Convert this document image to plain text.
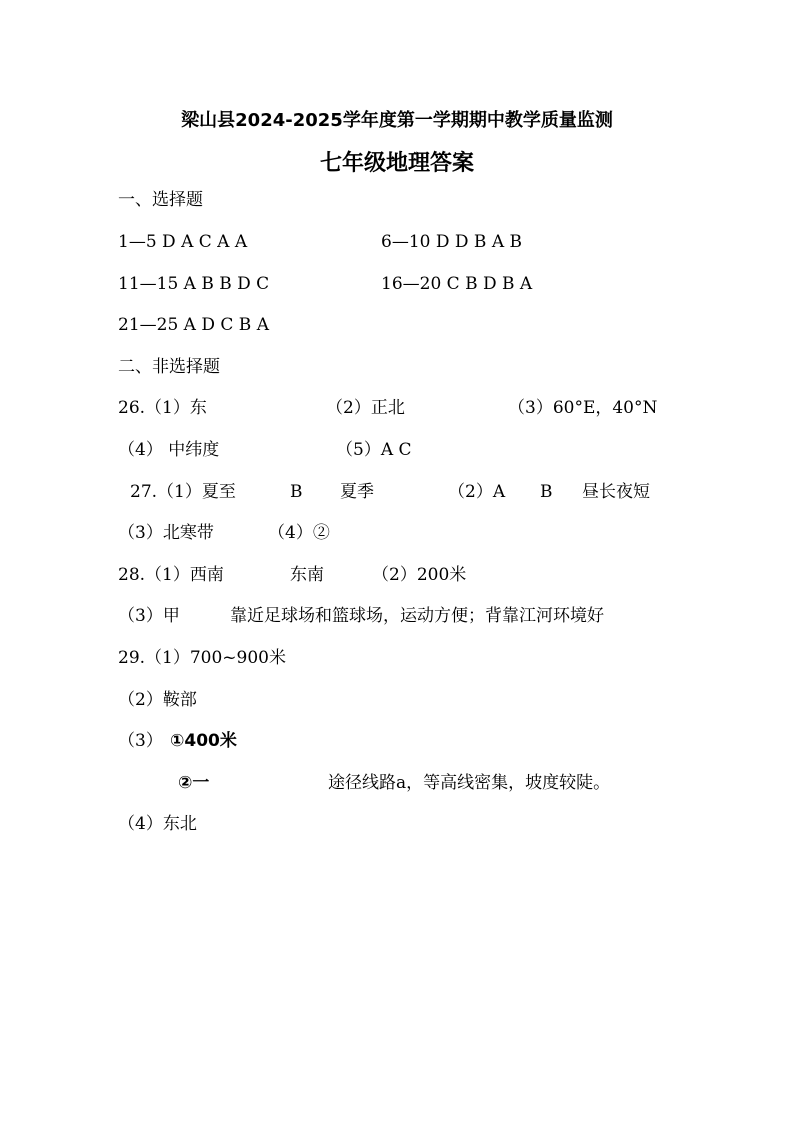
梁山县2024-2025学年度第一学期期中教学质量监测
七年级地理答案
一、选择题
1—5 D A C A A	6—10 D D B A B
11—15 A B B D C	16—20 C B D B A
21—25 A D C B A
二、非选择题
26.（1）东	（2）正北	（3）60°E，40°N
（4） 中纬度	（5）A C
27.（1）夏至	B 夏季	（2）A B 昼长夜短
（3）北寒带	（4）②
28.（1）西南	东南	（2）200米
（3）甲	靠近足球场和篮球场，运动方便；背靠江河环境好
29.（1）700~900米
（2）鞍部
（3） ①400米
②一	途径线路a，等高线密集，坡度较陡。
（4）东北
